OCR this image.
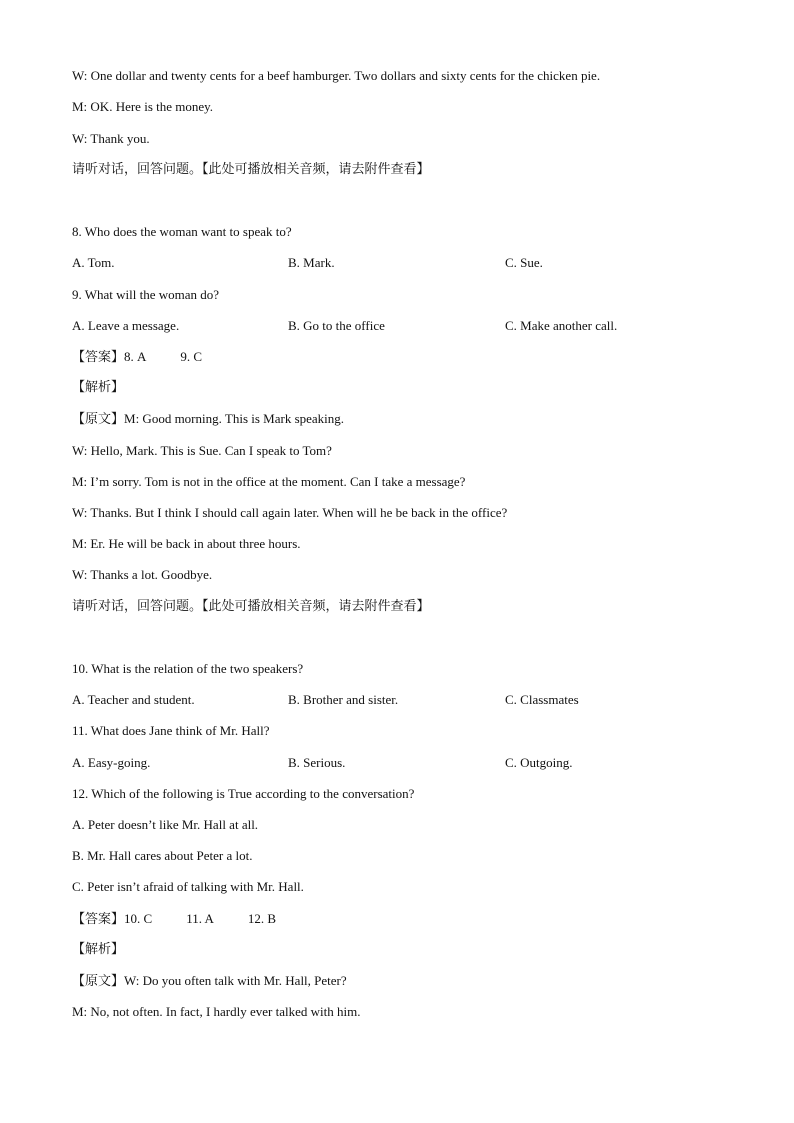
W: One dollar and twenty cents for a beef hamburger. Two dollars and sixty cents for the chicken pie.
M: OK. Here is the money.
W: Thank you.
请听对话，回答问题。【此处可播放相关音频，请去附件查看】
8. Who does the woman want to speak to?
A. Tom.	B. Mark.	C. Sue.
9. What will the woman do?
A. Leave a message.	B. Go to the office	C. Make another call.
【答案】8. A	9. C
【解析】
【原文】M: Good morning. This is Mark speaking.
W: Hello, Mark. This is Sue. Can I speak to Tom?
M: I’m sorry. Tom is not in the office at the moment. Can I take a message?
W: Thanks. But I think I should call again later. When will he be back in the office?
M: Er. He will be back in about three hours.
W: Thanks a lot. Goodbye.
请听对话，回答问题。【此处可播放相关音频，请去附件查看】
10. What is the relation of the two speakers?
A. Teacher and student.	B. Brother and sister.	C. Classmates
11. What does Jane think of Mr. Hall?
A. Easy-going.	B. Serious.	C. Outgoing.
12. Which of the following is True according to the conversation?
A. Peter doesn’t like Mr. Hall at all.
B. Mr. Hall cares about Peter a lot.
C. Peter isn’t afraid of talking with Mr. Hall.
【答案】10. C	11. A	12. B
【解析】
【原文】W: Do you often talk with Mr. Hall, Peter?
M: No, not often. In fact, I hardly ever talked with him.
